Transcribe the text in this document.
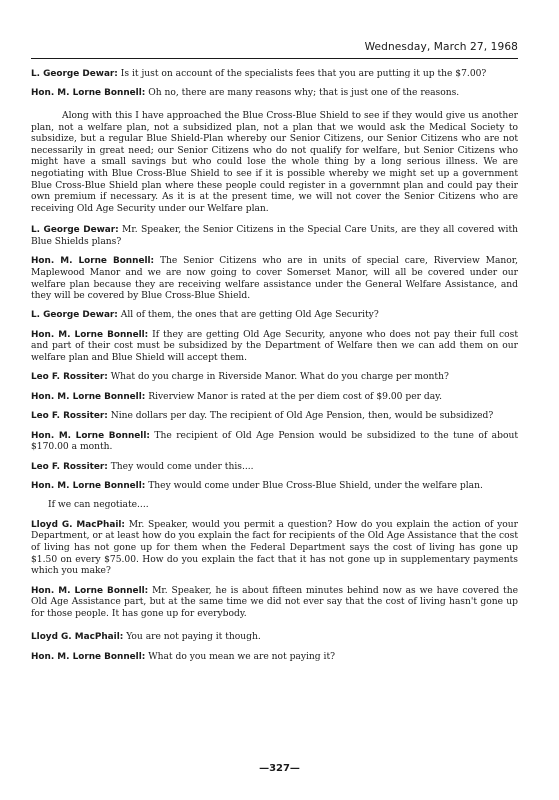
Wednesday, March 27, 1968

L. George Dewar: Is it just on account of the specialists fees that you are putting it up the $7.00?

Hon. M. Lorne Bonnell: Oh no, there are many reasons why; that is just one of the reasons.

Along with this I have approached the Blue Cross-Blue Shield to see if they would give us another plan, not a welfare plan, not a subsidized plan, not a plan that we would ask the Medical Society to subsidize, but a regular Blue Shield-Plan whereby our Senior Citizens, our Senior Citizens who are not necessarily in great need; our Senior Citizens who do not qualify for welfare, but Senior Citizens who might have a small savings but who could lose the whole thing by a long serious illness. We are negotiating with Blue Cross-Blue Shield to see if it is possible whereby we might set up a government Blue Cross-Blue Shield plan where these people could register in a governmnt plan and could pay their own premium if necessary. As it is at the present time, we will not cover the Senior Citizens who are receiving Old Age Security under our Welfare plan.

L. George Dewar: Mr. Speaker, the Senior Citizens in the Special Care Units, are they all covered with Blue Shields plans?

Hon. M. Lorne Bonnell: The Senior Citizens who are in units of special care, Riverview Manor, Maplewood Manor and we are now going to cover Somerset Manor, will all be covered under our welfare plan because they are receiving welfare assistance under the General Welfare Assistance, and they will be covered by Blue Cross-Blue Shield.

L. George Dewar: All of them, the ones that are getting Old Age Security?

Hon. M. Lorne Bonnell: If they are getting Old Age Security, anyone who does not pay their full cost and part of their cost must be subsidized by the Department of Welfare then we can add them on our welfare plan and Blue Shield will accept them.

Leo F. Rossiter: What do you charge in Riverside Manor. What do you charge per month?

Hon. M. Lorne Bonnell: Riverview Manor is rated at the per diem cost of $9.00 per day.

Leo F. Rossiter: Nine dollars per day. The recipient of Old Age Pension, then, would be subsidized?

Hon. M. Lorne Bonnell: The recipient of Old Age Pension would be subsidized to the tune of about $170.00 a month.

Leo F. Rossiter: They would come under this....

Hon. M. Lorne Bonnell: They would come under Blue Cross-Blue Shield, under the welfare plan.

If we can negotiate....

Lloyd G. MacPhail: Mr. Speaker, would you permit a question? How do you explain the action of your Department, or at least how do you explain the fact for recipients of the Old Age Assistance that the cost of living has not gone up for them when the Federal Department says the cost of living has gone up $1.50 on every $75.00. How do you explain the fact that it has not gone up in supplementary payments which you make?

Hon. M. Lorne Bonnell: Mr. Speaker, he is about fifteen minutes behind now as we have covered the Old Age Assistance part, but at the same time we did not ever say that the cost of living hasn't gone up for those people. It has gone up for everybody.

Lloyd G. MacPhail: You are not paying it though.

Hon. M. Lorne Bonnell: What do you mean we are not paying it?

—327—
